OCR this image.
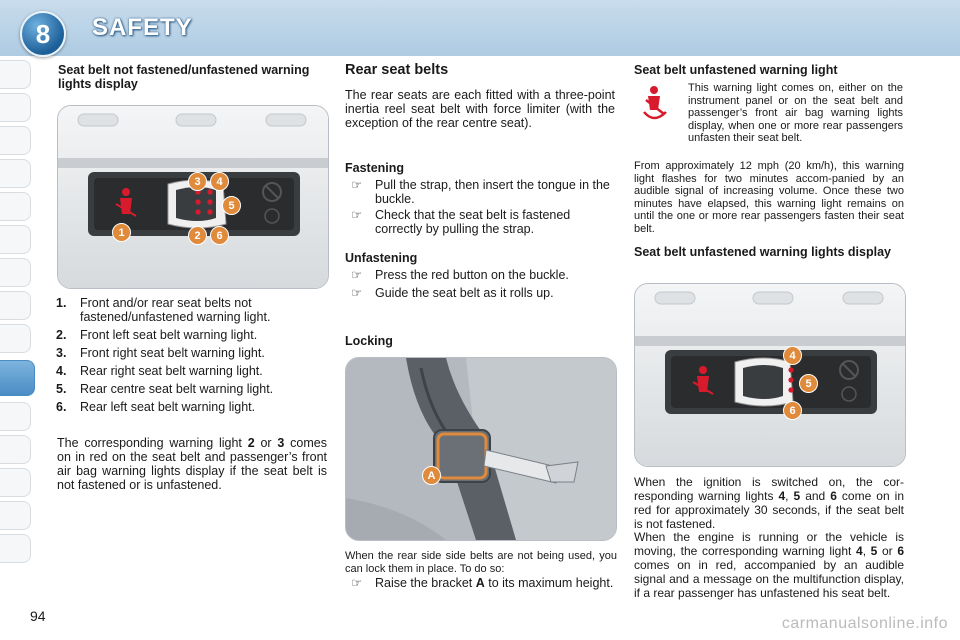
8	SAFETY
Seat belt not fastened/unfastened warning lights display
1	2
3	4
5
6
1.	Front and/or rear seat belts not fastened/unfastened warning light.
2.	Front left seat belt warning light.
3.	Front right seat belt warning light.
4.	Rear right seat belt warning light.
5.	Rear centre seat belt warning light.
6.	Rear left seat belt warning light.
The corresponding warning light 2 or 3 comes on in red on the seat belt and passenger’s front air bag warning lights display if the seat belt is not fastened or is unfastened.
Rear seat belts
The rear seats are each fitted with a three-point inertia reel seat belt with force limiter (with the exception of the rear centre seat).
Fastening
☞	Pull the strap, then insert the tongue in the buckle.
☞	Check that the seat belt is fastened correctly by pulling the strap.
Unfastening
☞	Press the red button on the buckle.
☞	Guide the seat belt as it rolls up.
Locking
A
When the rear side side belts are not being used, you can lock them in place. To do so:
☞	Raise the bracket A to its maximum height.
Seat belt unfastened warning light
This warning light comes on, either on the instrument panel or on the seat belt and passenger’s front air bag warning lights display, when one or more rear passengers unfasten their seat belt.
From approximately 12 mph (20 km/h), this warning light flashes for two minutes accom-panied by an audible signal of increasing volume. Once these two minutes have elapsed, this warning light remains on until the one or more rear passengers fasten their seat belt.
Seat belt unfastened warning lights display
4
5
6
When the ignition is switched on, the cor-responding warning lights 4, 5 and 6 come on in red for approximately 30 seconds, if the seat belt is not fastened.
When the engine is running or the vehicle is moving, the corresponding warning light 4, 5 or 6 comes on in red, accompanied by an audible signal and a message on the multifunction display, if a rear passenger has unfastened his seat belt.
94	carmanualsonline.info
